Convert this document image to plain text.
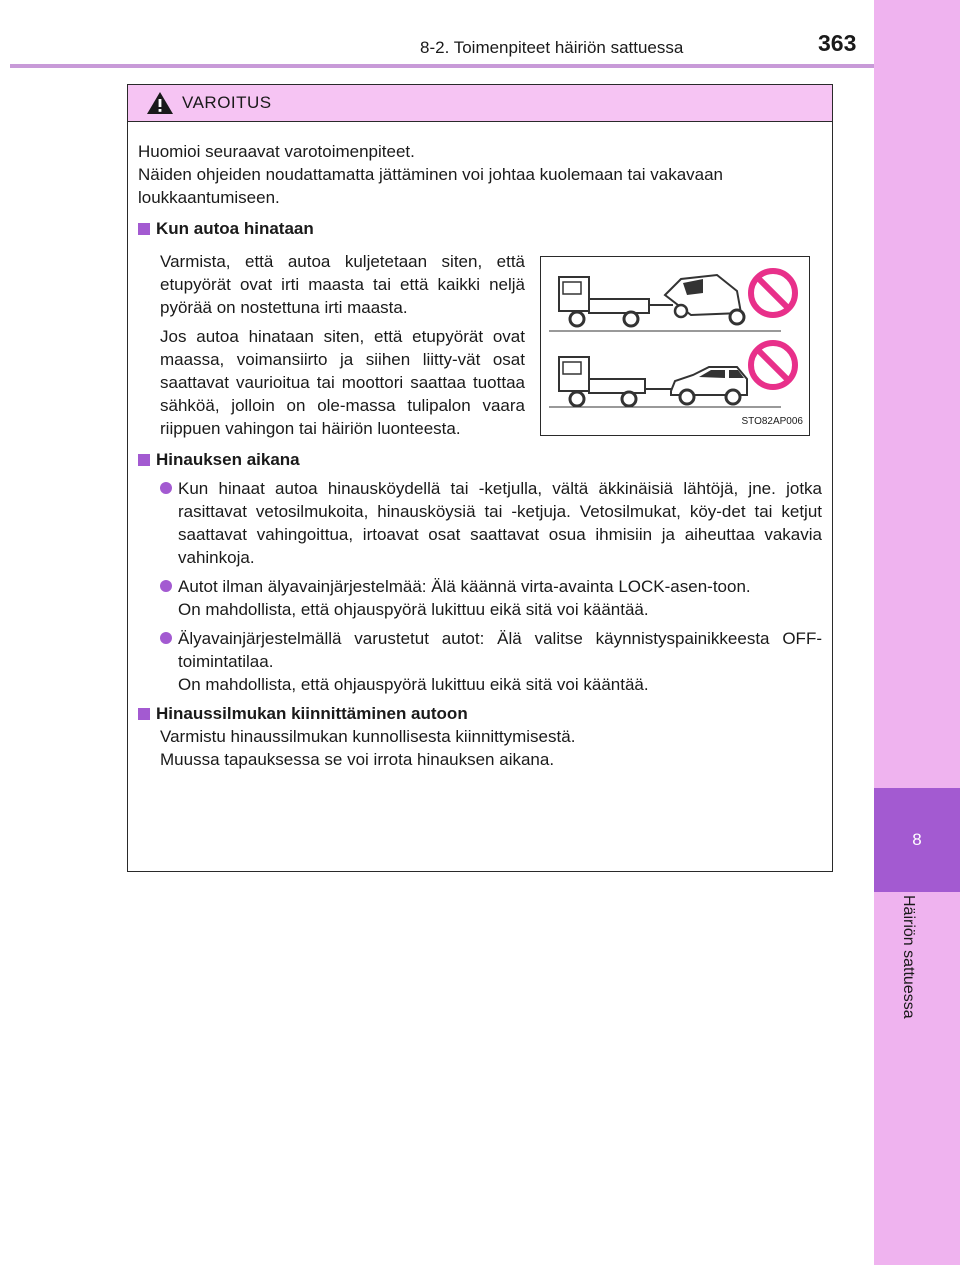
8
Häiriön sattuessa
8-2. Toimenpiteet häiriön sattuessa	363
VAROITUS

Huomioi seuraavat varotoimenpiteet.

Näiden ohjeiden noudattamatta jättäminen voi johtaa kuolemaan tai vakavaan loukkaantumiseen.

Kun autoa hinataan

Varmista, että autoa kuljetetaan siten, että etupyörät ovat irti maasta tai että kaikki neljä pyörää on nostettuna irti maasta.

Jos autoa hinataan siten, että etupyörät ovat maassa, voimansiirto ja siihen liitty-vät osat saattavat vaurioitua tai moottori saattaa tuottaa sähköä, jolloin on ole-massa tulipalon vaara riippuen vahingon tai häiriön luonteesta.	STO82AP006
Hinauksen aikana

Kun hinaat autoa hinausköydellä tai -ketjulla, vältä äkkinäisiä lähtöjä, jne. jotka rasittavat vetosilmukoita, hinausköysiä tai -ketjuja. Vetosilmukat, köy-det tai ketjut saattavat vahingoittua, irtoavat osat saattavat osua ihmisiin ja aiheuttaa vakavia vahinkoja.

Autot ilman älyavainjärjestelmää: Älä käännä virta-avainta LOCK-asen-toon.

On mahdollista, että ohjauspyörä lukittuu eikä sitä voi kääntää.

Älyavainjärjestelmällä varustetut autot: Älä valitse käynnistyspainikkeesta OFF-toimintatilaa.

On mahdollista, että ohjauspyörä lukittuu eikä sitä voi kääntää.

Hinaussilmukan kiinnittäminen autoon

Varmistu hinaussilmukan kunnollisesta kiinnittymisestä.

Muussa tapauksessa se voi irrota hinauksen aikana.
